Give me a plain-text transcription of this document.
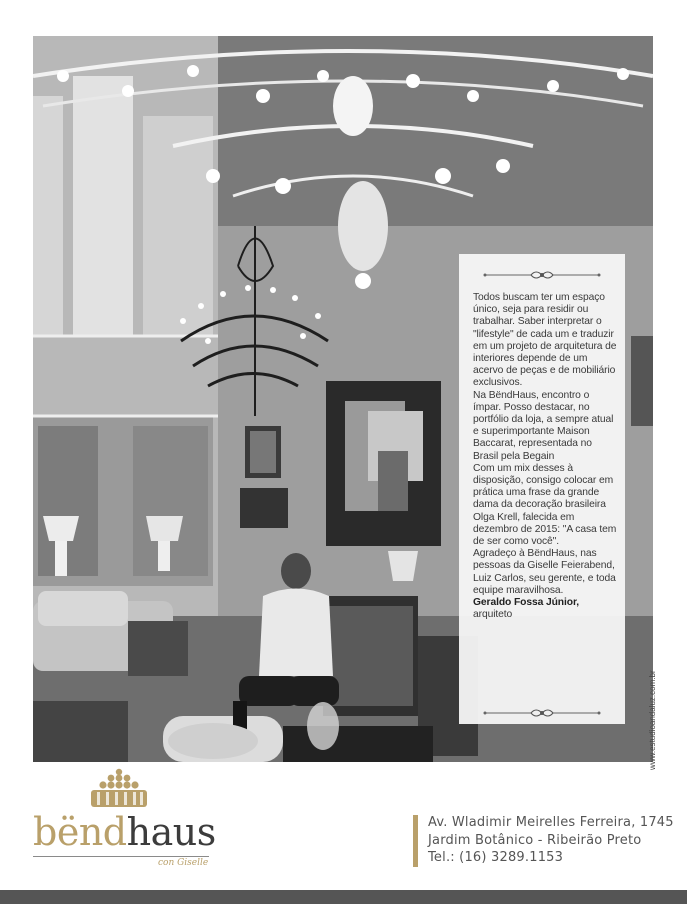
Todos buscam ter um espaço único, seja para residir ou trabalhar. Saber interpretar o "lifestyle" de cada um e traduzir em um projeto de arquitetura de interiores depende de um acervo de peças e de mobiliário exclusivos.

Na BëndHaus, encontro o ímpar. Posso destacar, no portfólio da loja, a sempre atual e superimportante Maison Baccarat, representada no Brasil pela Begain

Com um mix desses à disposição, consigo colocar em prática uma frase da grande dama da decoração brasileira Olga Krell, falecida em dezembro de 2015: "A casa tem de ser como você".

Agradeço à BëndHaus, nas pessoas da Giselle Feierabend, Luiz Carlos, seu gerente, e toda equipe maravilhosa.

Geraldo Fossa Júnior,

arquiteto

www.estudioandaluz.com.br
bëndhaus
con Giselle
Av. Wladimir Meirelles Ferreira, 1745
Jardim Botânico - Ribeirão Preto
Tel.: (16) 3289.1153
